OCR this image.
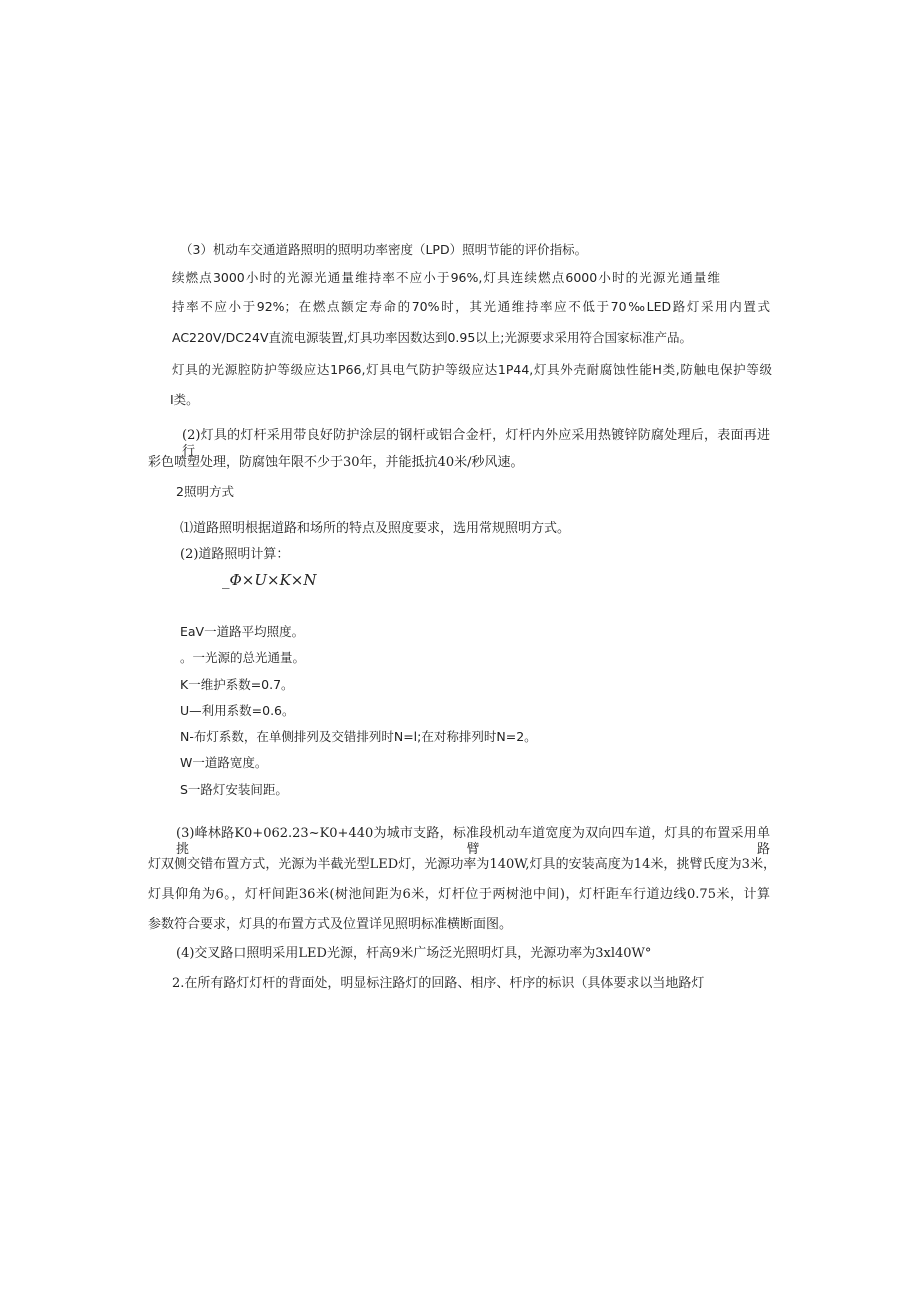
（3）机动车交通道路照明的照明功率密度（LPD）照明节能的评价指标。
续燃点3000小时的光源光通量维持率不应小于96%,灯具连续燃点6000小时的光源光通量维
持率不应小于92%；在燃点额定寿命的70%时，其光通维持率应不低于70‰LED路灯采用内置式
AC220V/DC24V直流电源装置,灯具功率因数达到0.95以上;光源要求采用符合国家标准产品。
灯具的光源腔防护等级应达1P66,灯具电气防护等级应达1P44,灯具外壳耐腐蚀性能H类,防触电保护等级
I类。
(2)灯具的灯杆采用带良好防护涂层的钢杆或铝合金杆，灯杆内外应采用热镀锌防腐处理后，表面再进行
彩色喷塑处理，防腐蚀年限不少于30年，并能抵抗40米/秒风速。
2照明方式
⑴道路照明根据道路和场所的特点及照度要求，选用常规照明方式。
(2)道路照明计算：
_Φ×U×K×N
EaV一道路平均照度。
。一光源的总光通量。
K一维护系数=0.7。
U—利用系数=0.6。
N-布灯系数，在单侧排列及交错排列时N=l;在对称排列时N=2。
W一道路宽度。
S一路灯安装间距。
(3)峰林路K0+062.23~K0+440为城市支路，标准段机动车道宽度为双向四车道，灯具的布置采用单挑臂路
灯双侧交错布置方式，光源为半截光型LED灯，光源功率为140W,灯具的安装高度为14米，挑臂氏度为3米，
灯具仰角为6。，灯杆间距36米(树池间距为6米，灯杆位于两树池中间)，灯杆距车行道边线0.75米，计算
参数符合要求，灯具的布置方式及位置详见照明标准横断面图。
(4)交叉路口照明采用LED光源，杆高9米广场泛光照明灯具，光源功率为3xl40W°
2.在所有路灯灯杆的背面处，明显标注路灯的回路、相序、杆序的标识（具体要求以当地路灯
